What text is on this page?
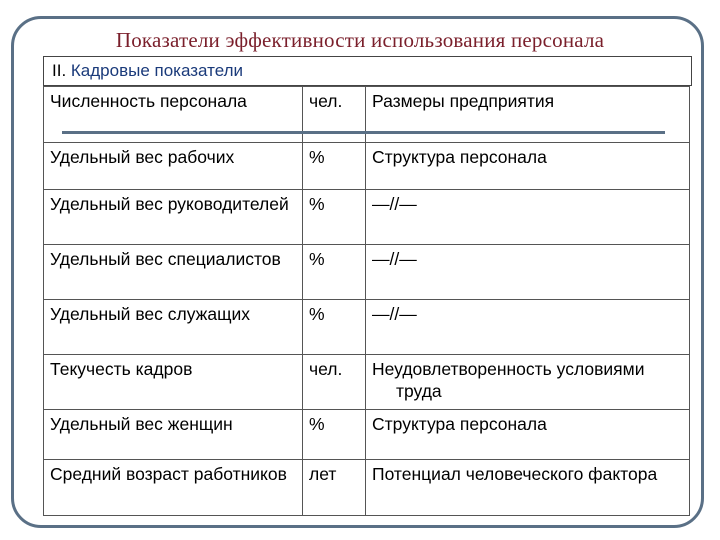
Показатели эффективности использования персонала
II. Кадровые показатели
Численность персонала	чел.	Размеры предприятия

Удельный вес рабочих	%	Структура персонала

Удельный вес руководителей	%	—//—

Удельный вес специалистов	%	—//—

Удельный вес служащих	%	—//—

Текучесть кадров	чел.	Неудовлетворенность условиями труда

Удельный вес женщин	%	Структура персонала

Средний возраст работников	лет	Потенциал человеческого фактора
